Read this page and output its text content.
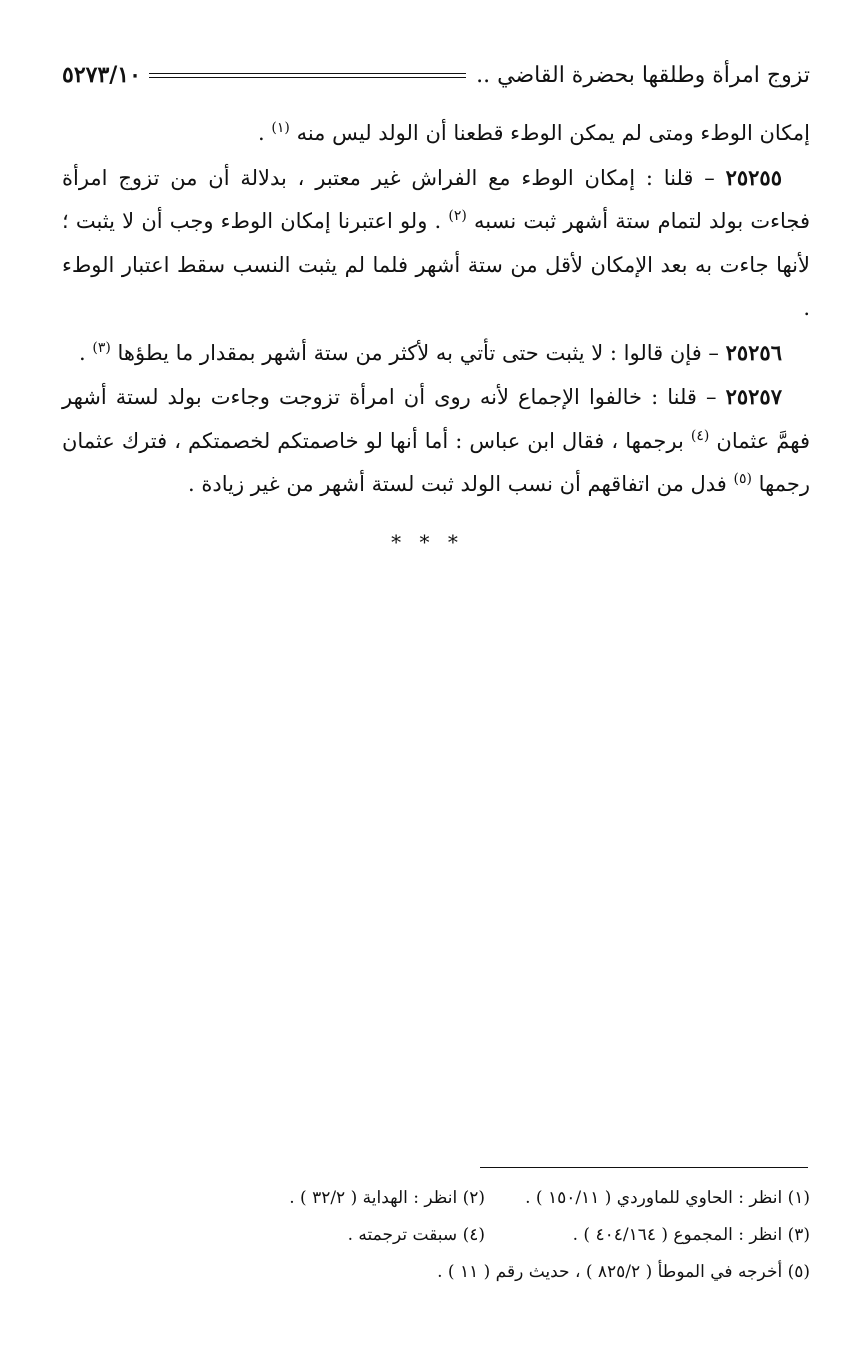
تزوج امرأة وطلقها بحضرة القاضي ..
٥٢٧٣/١٠

إمكان الوطء ومتى لم يمكن الوطء قطعنا أن الولد ليس منه $^{(١)}$ .

٢٥٢٥٥ – قلنا : إمكان الوطء مع الفراش غير معتبر ، بدلالة أن من تزوج امرأة فجاءت بولد لتمام ستة أشهر ثبت نسبه $^{(٢)}$ . ولو اعتبرنا إمكان الوطء وجب أن لا يثبت ؛ لأنها جاءت به بعد الإمكان لأقل من ستة أشهر فلما لم يثبت النسب سقط اعتبار الوطء .

٢٥٢٥٦ – فإن قالوا : لا يثبت حتى تأتي به لأكثر من ستة أشهر بمقدار ما يطؤها $^{(٣)}$ .

٢٥٢٥٧ – قلنا : خالفوا الإجماع لأنه روى أن امرأة تزوجت وجاءت بولد لستة أشهر فهمَّ عثمان $^{(٤)}$ برجمها ، فقال ابن عباس : أما أنها لو خاصمتكم لخصمتكم ، فترك عثمان رجمها $^{(٥)}$ فدل من اتفاقهم أن نسب الولد ثبت لستة أشهر من غير زيادة .

* * *
(١) انظر : الحاوي للماوردي ( ١٥٠/١١ ) .
(٢) انظر : الهداية ( ٣٢/٢ ) .
(٣) انظر : المجموع ( ٤٠٤/١٦٤ ) .
(٤) سبقت ترجمته .
(٥) أخرجه في الموطأ ( ٨٢٥/٢ ) ، حديث رقم ( ١١ ) .
